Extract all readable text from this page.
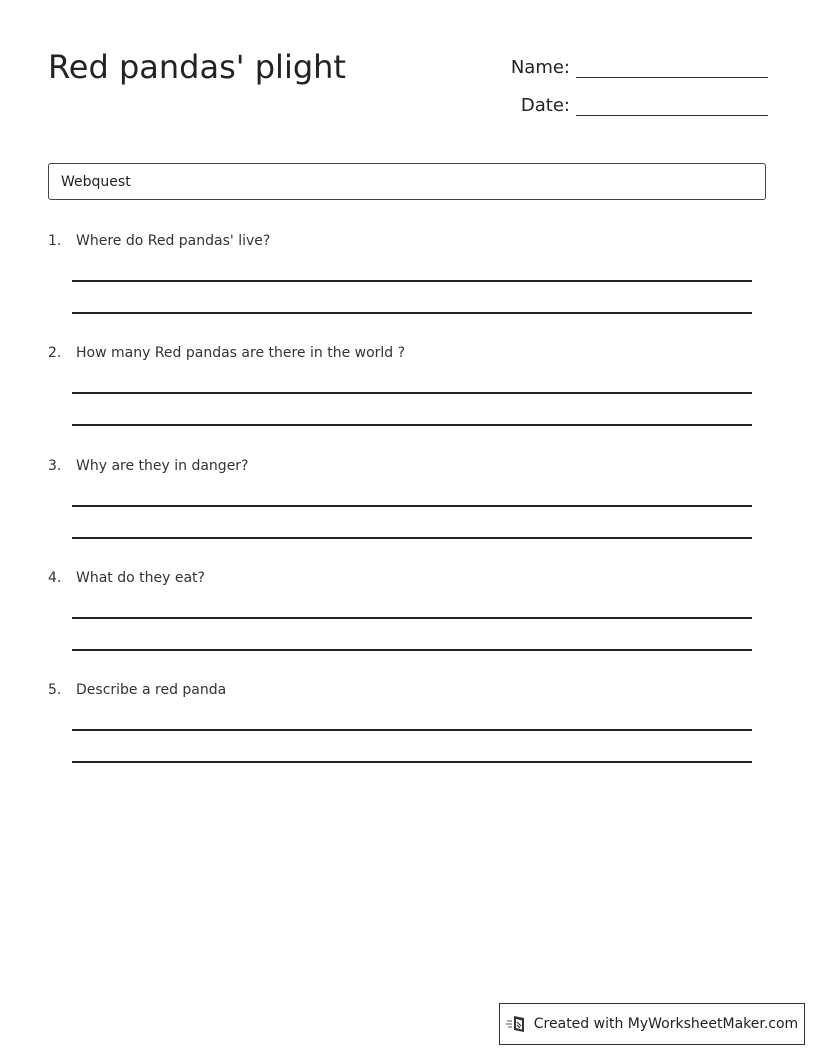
Red pandas' plight	Name:
Date:
Webquest
1.	Where do Red pandas' live?
2.	How many Red pandas are there in the world ?
3.	Why are they in danger?
4.	What do they eat?
5.	Describe a red panda
Created with MyWorksheetMaker.com
